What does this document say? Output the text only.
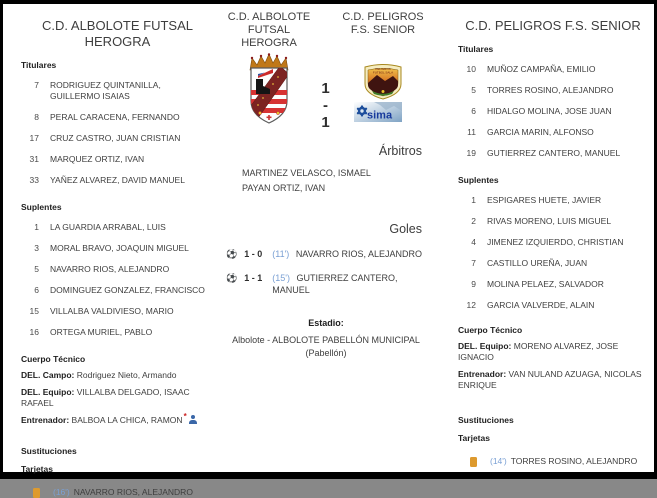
C.D. ALBOLOTE FUTSAL
HEROGRA
Titulares
7 RODRIGUEZ QUINTANILLA, GUILLERMO ISAIAS
8 PERAL CARACENA, FERNANDO
17 CRUZ CASTRO, JUAN CRISTIAN
31 MARQUEZ ORTIZ, IVAN
33 YAÑEZ ALVAREZ, DAVID MANUEL
Suplentes
1 LA GUARDIA ARRABAL, LUIS
3 MORAL BRAVO, JOAQUIN MIGUEL
5 NAVARRO RIOS, ALEJANDRO
6 DOMINGUEZ GONZALEZ, FRANCISCO
15 VILLALBA VALDIVIESO, MARIO
16 ORTEGA MURIEL, PABLO
Cuerpo Técnico
DEL. Campo: Rodriguez Nieto, Armando
DEL. Equipo: VILLALBA DELGADO, ISAAC RAFAEL
Entrenador: BALBOA LA CHICA, RAMON *
Sustituciones
Tarjetas
(16') NAVARRO RIOS, ALEJANDRO
C.D. ALBOLOTE
FUTSAL
HEROGRA
1 - 1
C.D. PELIGROS
F.S. SENIOR
PELIGROS
FUTBOL SALA

sima
Árbitros
MARTINEZ VELASCO, ISMAEL
PAYAN ORTIZ, IVAN
Goles
⚽ 1 - 0 (11') NAVARRO RIOS, ALEJANDRO
⚽ 1 - 1 (15') GUTIERREZ CANTERO, MANUEL
Estadio:
Albolote - ALBOLOTE PABELLÓN MUNICIPAL
(Pabellón)
C.D. PELIGROS F.S. SENIOR
Titulares
10 MUÑOZ CAMPAÑA, EMILIO
5 TORRES ROSINO, ALEJANDRO
6 HIDALGO MOLINA, JOSE JUAN
11 GARCIA MARIN, ALFONSO
19 GUTIERREZ CANTERO, MANUEL
Suplentes
1 ESPIGARES HUETE, JAVIER
2 RIVAS MORENO, LUIS MIGUEL
4 JIMENEZ IZQUIERDO, CHRISTIAN
7 CASTILLO UREÑA, JUAN
9 MOLINA PELAEZ, SALVADOR
12 GARCIA VALVERDE, ALAIN
Cuerpo Técnico
DEL. Equipo: MORENO ALVAREZ, JOSE IGNACIO
Entrenador: VAN NULAND AZUAGA, NICOLAS ENRIQUE
Sustituciones
Tarjetas
(14') TORRES ROSINO, ALEJANDRO
